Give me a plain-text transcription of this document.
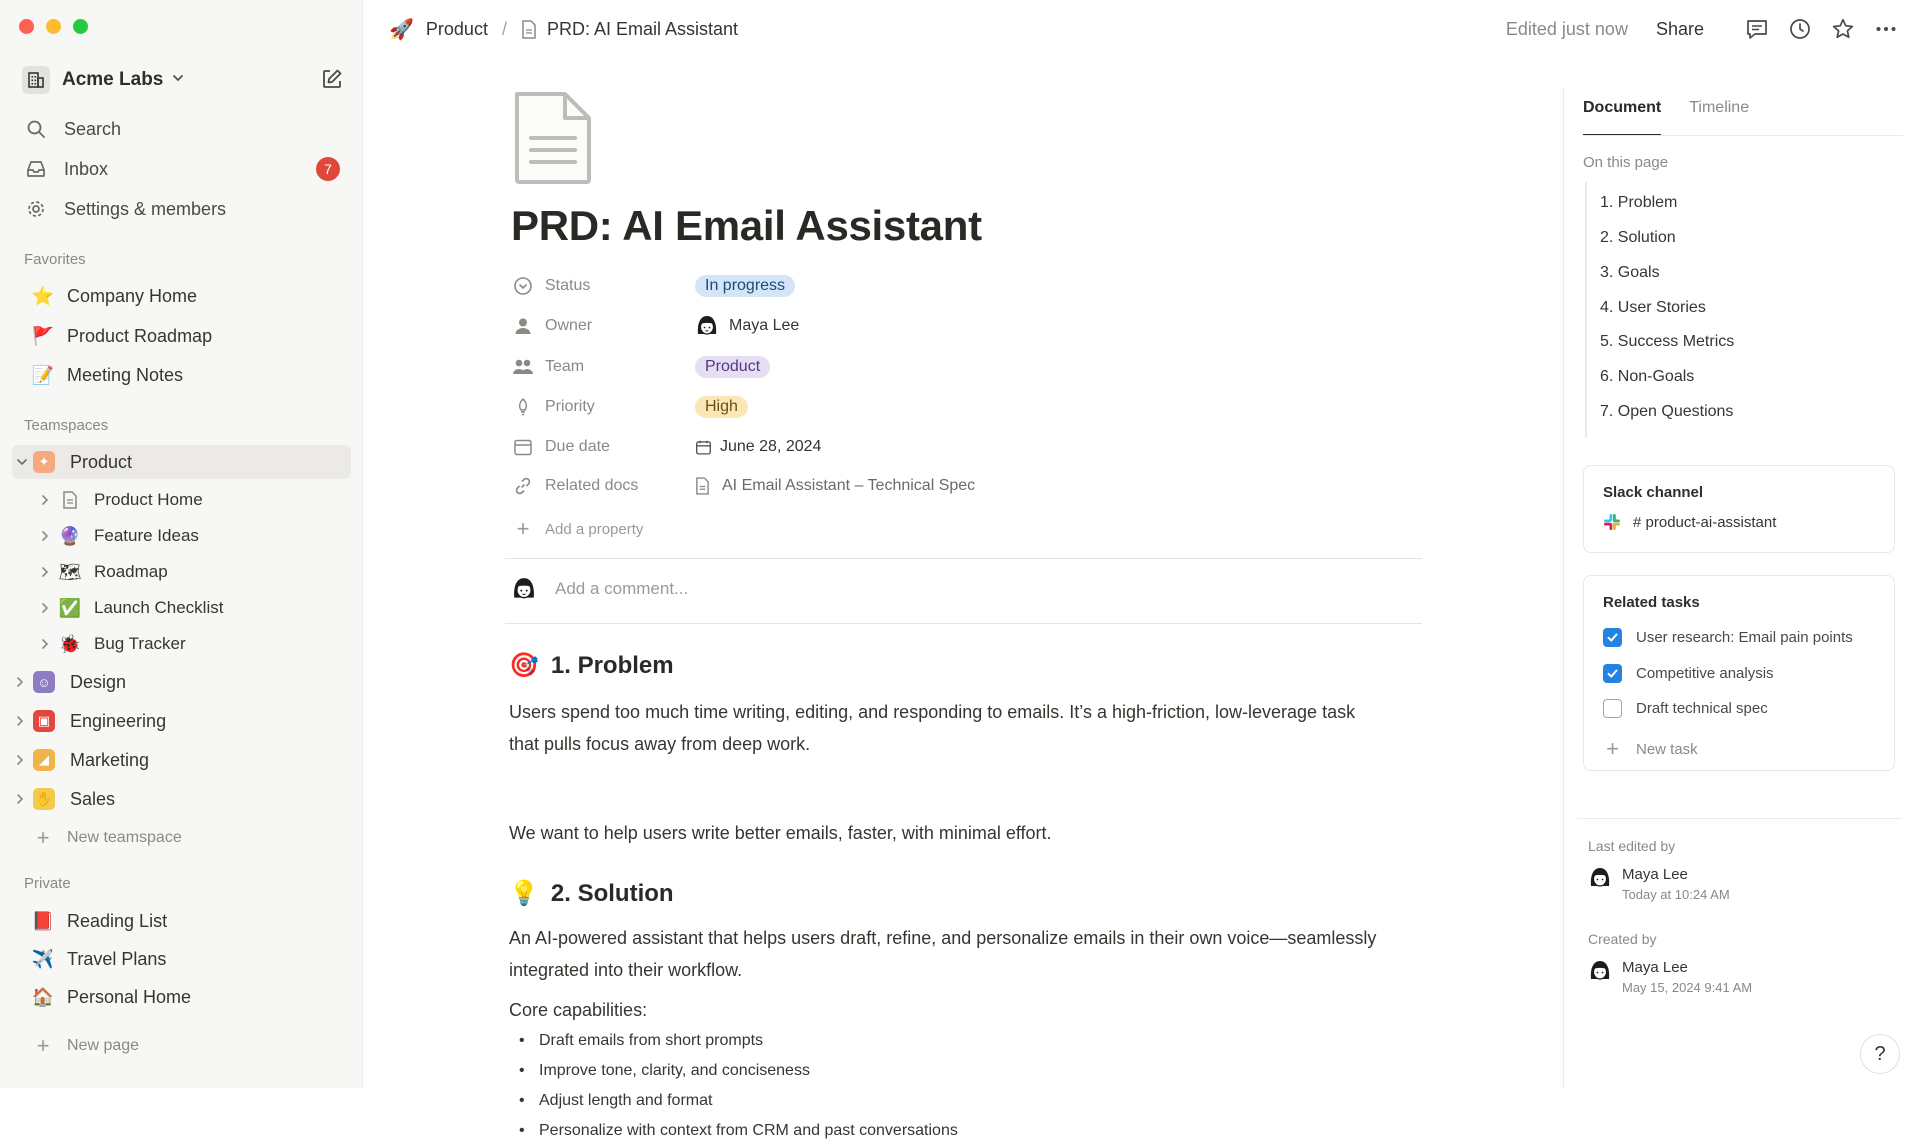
Acme Labs
Search
Inbox	7
Settings & members
Favorites
⭐ Company Home
🚩 Product Roadmap
📝 Meeting Notes
Teamspaces
✦	Product
Product Home
🔮 Feature Ideas
🗺 Roadmap
✅ Launch Checklist
🐞 Bug Tracker
☺ Design
▣ Engineering
◢	Marketing
✋ Sales
+	New teamspace
Private
📕 Reading List
✈️ Travel Plans
🏠 Personal Home
+	New page
🚀 Product / PRD: AI Email Assistant	Edited just now Share
PRD: AI Email Assistant
Status	In progress
Owner	Maya Lee
Team	Product
Priority	High
Due date	June 28, 2024
Related docs	AI Email Assistant – Technical Spec
+	Add a property
Add a comment...
🎯 1. Problem
Users spend too much time writing, editing, and responding to emails. It’s a high-friction, low-leverage task
that pulls focus away from deep work.
We want to help users write better emails, faster, with minimal effort.
💡 2. Solution
An AI-powered assistant that helps users draft, refine, and personalize emails in their own voice—seamlessly
integrated into their workflow.
Core capabilities:
• Draft emails from short prompts
• Improve tone, clarity, and conciseness
• Adjust length and format
• Personalize with context from CRM and past conversations
Document Timeline
On this page
1. Problem
2. Solution
3. Goals
4. User Stories
5. Success Metrics
6. Non-Goals
7. Open Questions
Slack channel
# product-ai-assistant
Related tasks
User research: Email pain points
Competitive analysis
Draft technical spec
+ New task
Last edited by
Maya Lee
Today at 10:24 AM
Created by
Maya Lee
May 15, 2024 9:41 AM
?
